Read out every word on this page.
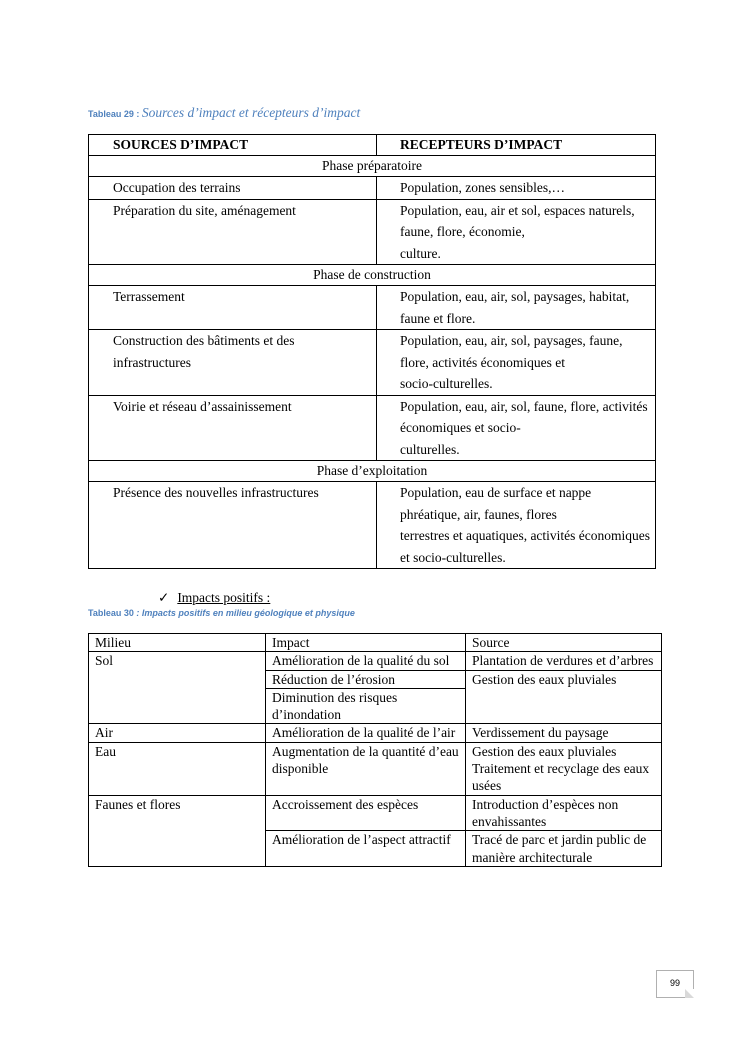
Tableau 29 : Sources d’impact et récepteurs d’impact
SOURCES D’IMPACT	RECEPTEURS D’IMPACT
Phase préparatoire	

Occupation des terrains	Population, zones sensibles,…

Préparation du site, aménagement	Population, eau, air et sol, espaces naturels,
faune, flore, économie,
culture.

Phase de construction	

Terrassement	Population, eau, air, sol, paysages, habitat,
faune et flore.

Construction des bâtiments et des
infrastructures	Population, eau, air, sol, paysages, faune,
flore, activités économiques et
socio-culturelles.

Voirie et réseau d’assainissement	Population, eau, air, sol, faune, flore, activités
économiques et socio-
culturelles.

Phase d’exploitation	

Présence des nouvelles infrastructures	Population, eau de surface et nappe
phréatique, air, faunes, flores
terrestres et aquatiques, activités économiques
et socio-culturelles.
✓ Impacts positifs :
Tableau 30 : Impacts positifs en milieu géologique et physique
Milieu	Impact	Source
Sol	Amélioration de la qualité du sol	Plantation de verdures et d’arbres
	Réduction de l’érosion	Gestion des eaux pluviales
	Diminution des risques d’inondation	
Air	Amélioration de la qualité de l’air	Verdissement du paysage
Eau	Augmentation de la quantité d’eau disponible	Gestion des eaux pluviales
Traitement et recyclage des eaux usées

Faunes et flores	Accroissement des espèces	Introduction d’espèces non envahissantes
	Amélioration de l’aspect attractif	Tracé de parc et jardin public de manière architecturale
99
